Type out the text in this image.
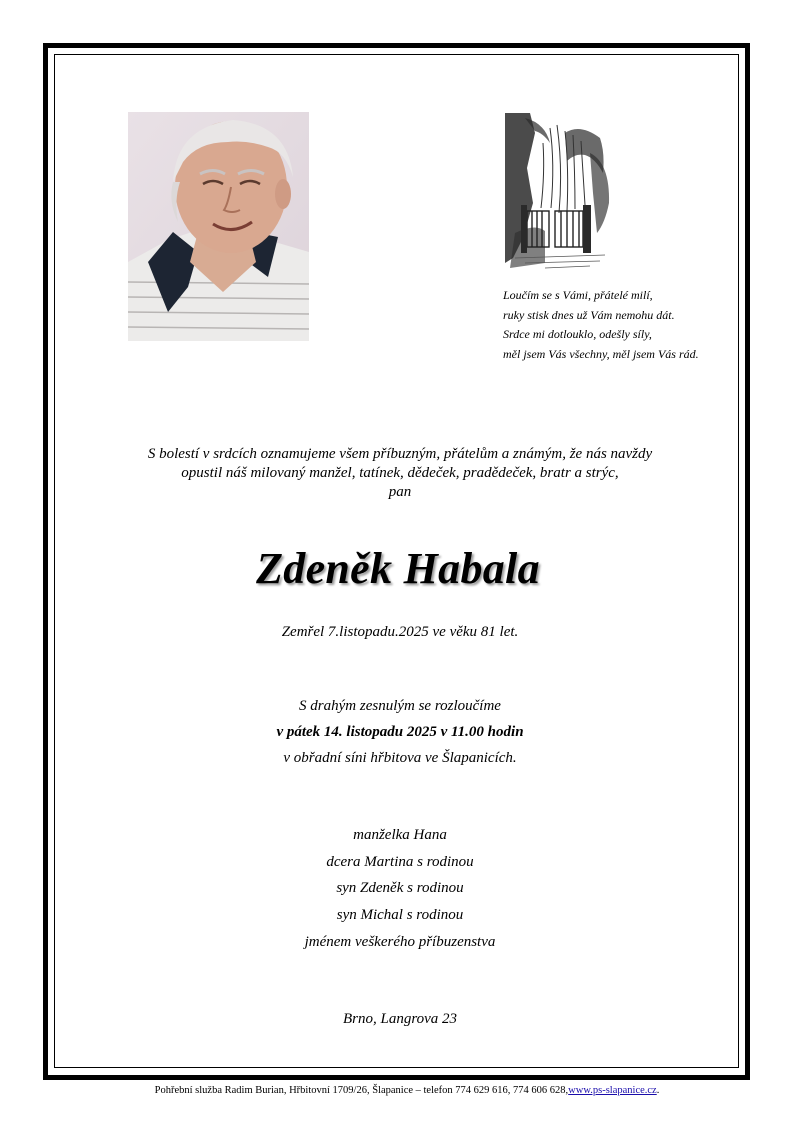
Loučím se s Vámi, přátelé milí,
ruky stisk dnes už Vám nemohu dát.
Srdce mi dotlouklo, odešly síly,
měl jsem Vás všechny, měl jsem Vás rád.
S bolestí v srdcích oznamujeme všem příbuzným, přátelům a známým, že nás navždy
opustil náš milovaný manžel, tatínek, dědeček, pradědeček, bratr a strýc,
pan
Zdeněk Habala
Zemřel 7.listopadu.2025 ve věku 81 let.
S drahým zesnulým se rozloučíme
v pátek 14. listopadu 2025 v 11.00 hodin
v obřadní síni hřbitova ve Šlapanicích.
manželka Hana
dcera Martina s rodinou
syn Zdeněk s rodinou
syn Michal s rodinou
jménem veškerého příbuzenstva
Brno, Langrova 23
Pohřební služba Radim Burian, Hřbitovní 1709/26, Šlapanice – telefon 774 629 616, 774 606 628,www.ps-slapanice.cz.
